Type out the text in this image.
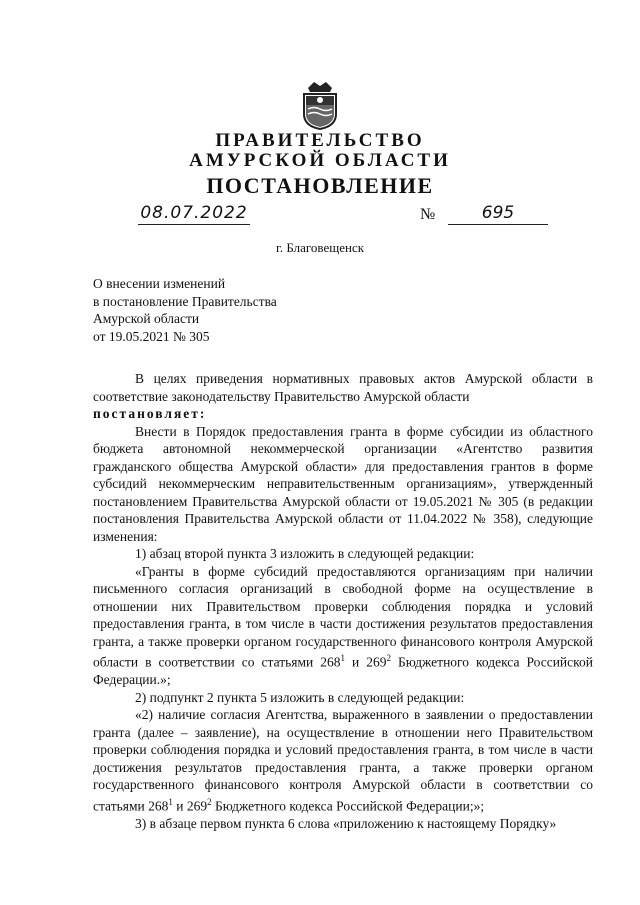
ПРАВИТЕЛЬСТВО
АМУРСКОЙ ОБЛАСТИ
ПОСТАНОВЛЕНИЕ
08.07.2022	№	695
г. Благовещенск
О внесении изменений
в постановление Правительства
Амурской области
от 19.05.2021 № 305

В целях приведения нормативных правовых актов Амурской области в соответствие законодательству Правительство Амурской области

постановляет:

Внести в Порядок предоставления гранта в форме субсидии из областного бюджета автономной некоммерческой организации «Агентство развития гражданского общества Амурской области» для предоставления грантов в форме субсидий некоммерческим неправительственным организациям», утвержденный постановлением Правительства Амурской области от 19.05.2021 № 305 (в редакции постановления Правительства Амурской области от 11.04.2022 № 358), следующие изменения:

1) абзац второй пункта 3 изложить в следующей редакции:

«Гранты в форме субсидий предоставляются организациям при наличии письменного согласия организаций в свободной форме на осуществление в отношении них Правительством проверки соблюдения порядка и условий предоставления гранта, в том числе в части достижения результатов предоставления гранта, а также проверки органом государственного финансового контроля Амурской области в соответствии со статьями $268^1$ и $269^2$ Бюджетного кодекса Российской Федерации.»;

2) подпункт 2 пункта 5 изложить в следующей редакции:

«2) наличие согласия Агентства, выраженного в заявлении о предоставлении гранта (далее – заявление), на осуществление в отношении него Правительством проверки соблюдения порядка и условий предоставления гранта, в том числе в части достижения результатов предоставления гранта, а также проверки органом государственного финансового контроля Амурской области в соответствии со статьями $268^1$ и $269^2$ Бюджетного кодекса Российской Федерации;»;

3) в абзаце первом пункта 6 слова «приложению к настоящему Порядку»
